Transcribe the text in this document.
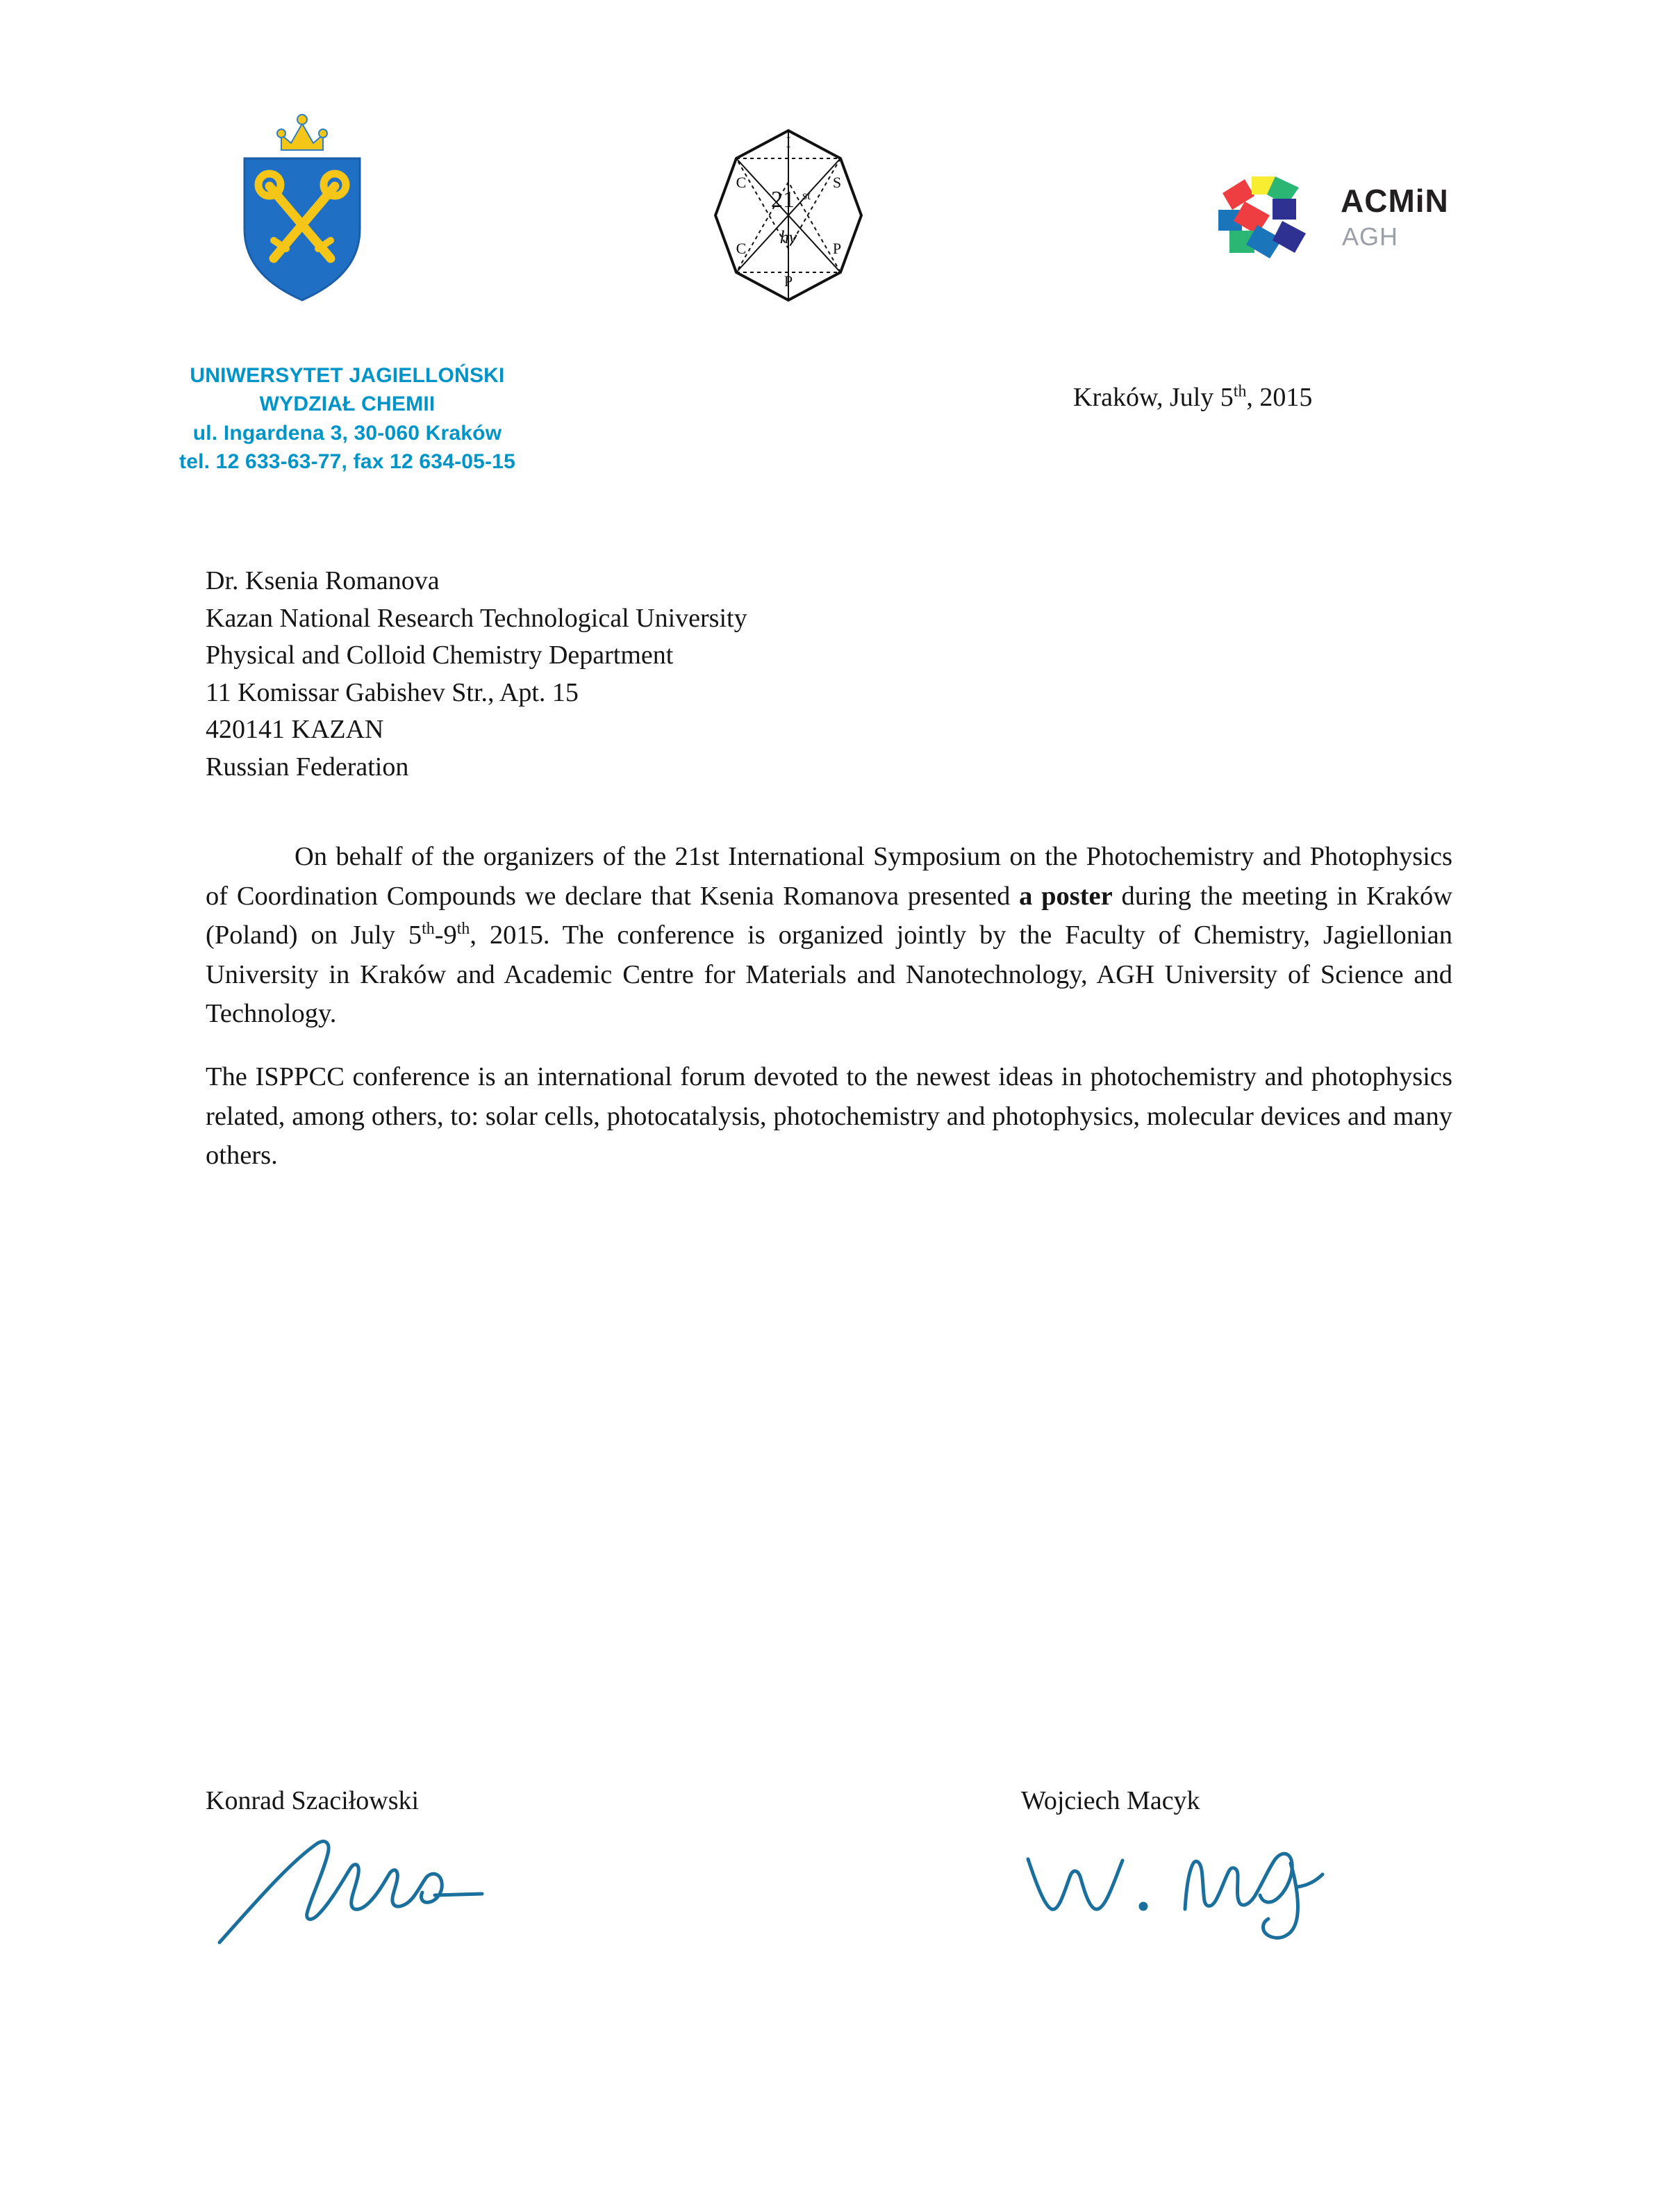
UNIWERSYTET JAGIELLOŃSKI
WYDZIAŁ CHEMII
ul. Ingardena 3, 30-060 Kraków
tel. 12 633-63-77, fax 12 634-05-15
I
C	S
C	P
P
21 st
hv
ACMiN
AGH
Kraków, July 5th, 2015
Dr. Ksenia Romanova
Kazan National Research Technological University
Physical and Colloid Chemistry Department
11 Komissar Gabishev Str., Apt. 15
420141 KAZAN
Russian Federation

On behalf of the organizers of the 21st International Symposium on the Photochemistry and Photophysics of Coordination Compounds we declare that Ksenia Romanova presented a poster during the meeting in Kraków (Poland) on July 5th-9th, 2015. The conference is organized jointly by the Faculty of Chemistry, Jagiellonian University in Kraków and Academic Centre for Materials and Nanotechnology, AGH University of Science and Technology.

The ISPPCC conference is an international forum devoted to the newest ideas in photochemistry and photophysics related, among others, to: solar cells, photocatalysis, photochemistry and photophysics, molecular devices and many others.

Konrad Szaciłowski	Wojciech Macyk
